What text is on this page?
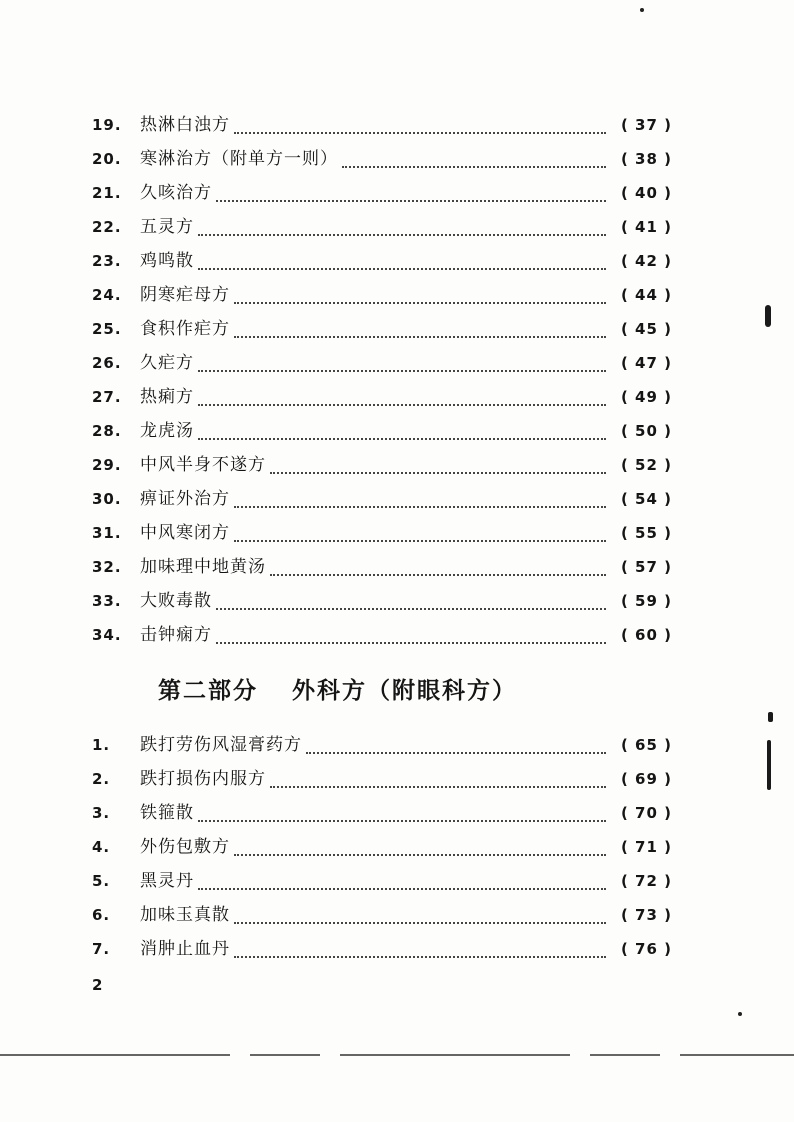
19.	热淋白浊方	( 37 )
20.	寒淋治方（附单方一则）	( 38 )
21.	久咳治方	( 40 )
22.	五灵方	( 41 )
23.	鸡鸣散	( 42 )
24.	阴寒疟母方	( 44 )
25.	食积作疟方	( 45 )
26.	久疟方	( 47 )
27.	热痢方	( 49 )
28.	龙虎汤	( 50 )
29.	中风半身不遂方	( 52 )
30.	痹证外治方	( 54 )
31.	中风寒闭方	( 55 )
32.	加味理中地黄汤	( 57 )
33.	大败毒散	( 59 )
34.	击钟痫方	( 60 )
第二部分 外科方（附眼科方）
1.	跌打劳伤风湿膏药方	( 65 )
2.	跌打损伤内服方	( 69 )
3.	铁箍散	( 70 )
4.	外伤包敷方	( 71 )
5.	黑灵丹	( 72 )
6.	加味玉真散	( 73 )
7.	消肿止血丹	( 76 )
2
